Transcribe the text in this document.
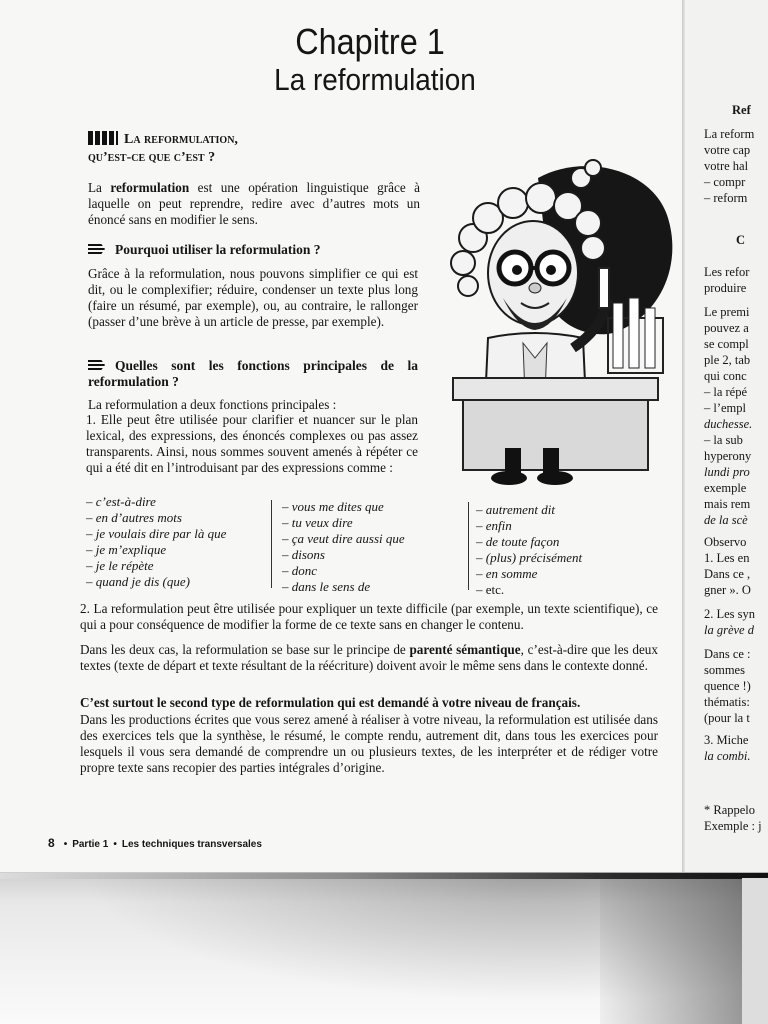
Ref
La reform
votre cap
votre hal
– compr
– reform
C
Les refor
produire
Le premi
pouvez a
se compl
ple 2, tab
qui conc
– la répé
– l’empl
duchesse.
– la sub
hyperony
lundi pro
exemple
mais rem
de la scè
Observo
1. Les en
Dans ce ,
gner ». O
2. Les syn
la grève d
Dans ce :
sommes
quence !)
thématis:
(pour la t
3. Miche
la combi.
* Rappelo
Exemple : j
Chapitre 1
La reformulation
La reformulation,
qu’est-ce que c’est ?
La reformulation est une opération linguistique grâce à laquelle on peut reprendre, redire avec d’autres mots un énoncé sans en modifier le sens.
Pourquoi utiliser la reformulation ?
Grâce à la reformulation, nous pouvons simplifier ce qui est dit, ou le complexifier; réduire, condenser un texte plus long (faire un résumé, par exemple), ou, au contraire, le rallonger (passer d’une brève à un article de presse, par exemple).
Quelles sont les fonctions principales de la reformulation ?
La reformulation a deux fonctions principales :
1. Elle peut être utilisée pour clarifier et nuancer sur le plan lexical, des expressions, des énoncés complexes ou pas assez transparents. Ainsi, nous sommes souvent amenés à répéter ce qui a été dit en l’introduisant par des expressions comme :
– c’est-à-dire
– en d’autres mots
– je voulais dire par là que
– je m’explique
– je le répète
– quand je dis (que)
– vous me dites que
– tu veux dire
– ça veut dire aussi que
– disons
– donc
– dans le sens de
– autrement dit
– enfin
– de toute façon
– (plus) précisément
– en somme
– etc.
2. La reformulation peut être utilisée pour expliquer un texte difficile (par exemple, un texte scientifique), ce qui a pour conséquence de modifier la forme de ce texte sans en changer le contenu.
Dans les deux cas, la reformulation se base sur le principe de parenté sémantique, c’est-à-dire que les deux textes (texte de départ et texte résultant de la réécriture) doivent avoir le même sens dans le contexte donné.
C’est surtout le second type de reformulation qui est demandé à votre niveau de français.
Dans les productions écrites que vous serez amené à réaliser à votre niveau, la reformulation est utilisée dans des exercices tels que la synthèse, le résumé, le compte rendu, autrement dit, dans tous les exercices pour lesquels il vous sera demandé de comprendre un ou plusieurs textes, de les interpréter et de rédiger votre propre texte sans recopier des parties intégrales d’origine.
8 • Partie 1 • Les techniques transversales
